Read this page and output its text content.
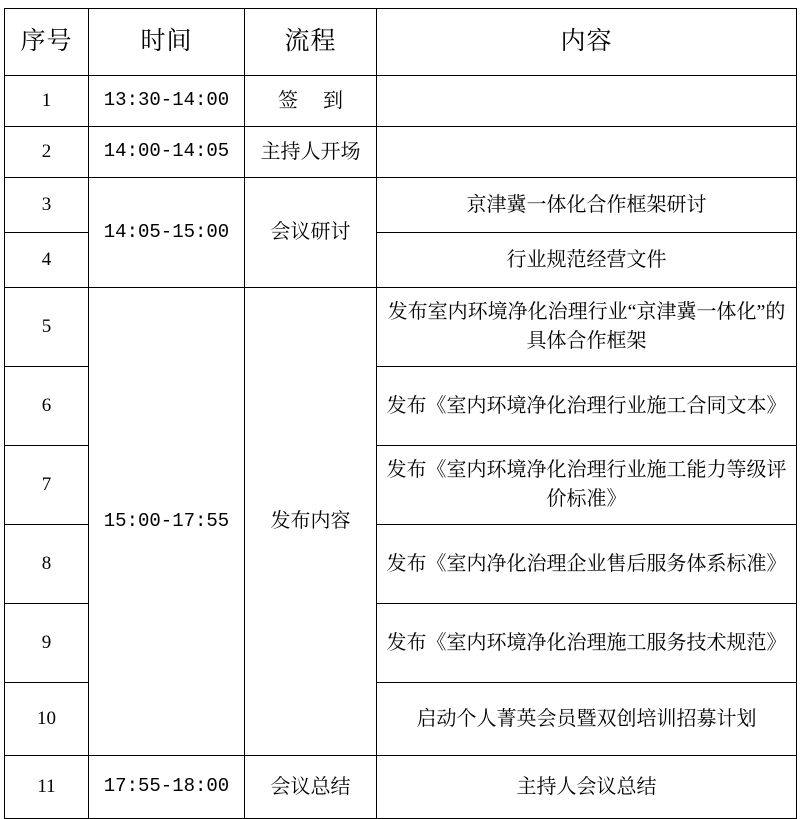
序号	时间	流程	内容
1	13:30-14:00	签 到	
2	14:00-14:05	主持人开场	
3	14:05-15:00	会议研讨	京津冀一体化合作框架研讨
4			行业规范经营文件
5	15:00-17:55	发布内容	发布室内环境净化治理行业“京津冀一体化”的具体合作框架
6			发布《室内环境净化治理行业施工合同文本》
7			发布《室内环境净化治理行业施工能力等级评价标准》
8			发布《室内净化治理企业售后服务体系标准》
9			发布《室内环境净化治理施工服务技术规范》
10			启动个人菁英会员暨双创培训招募计划
11	17:55-18:00	会议总结	主持人会议总结
